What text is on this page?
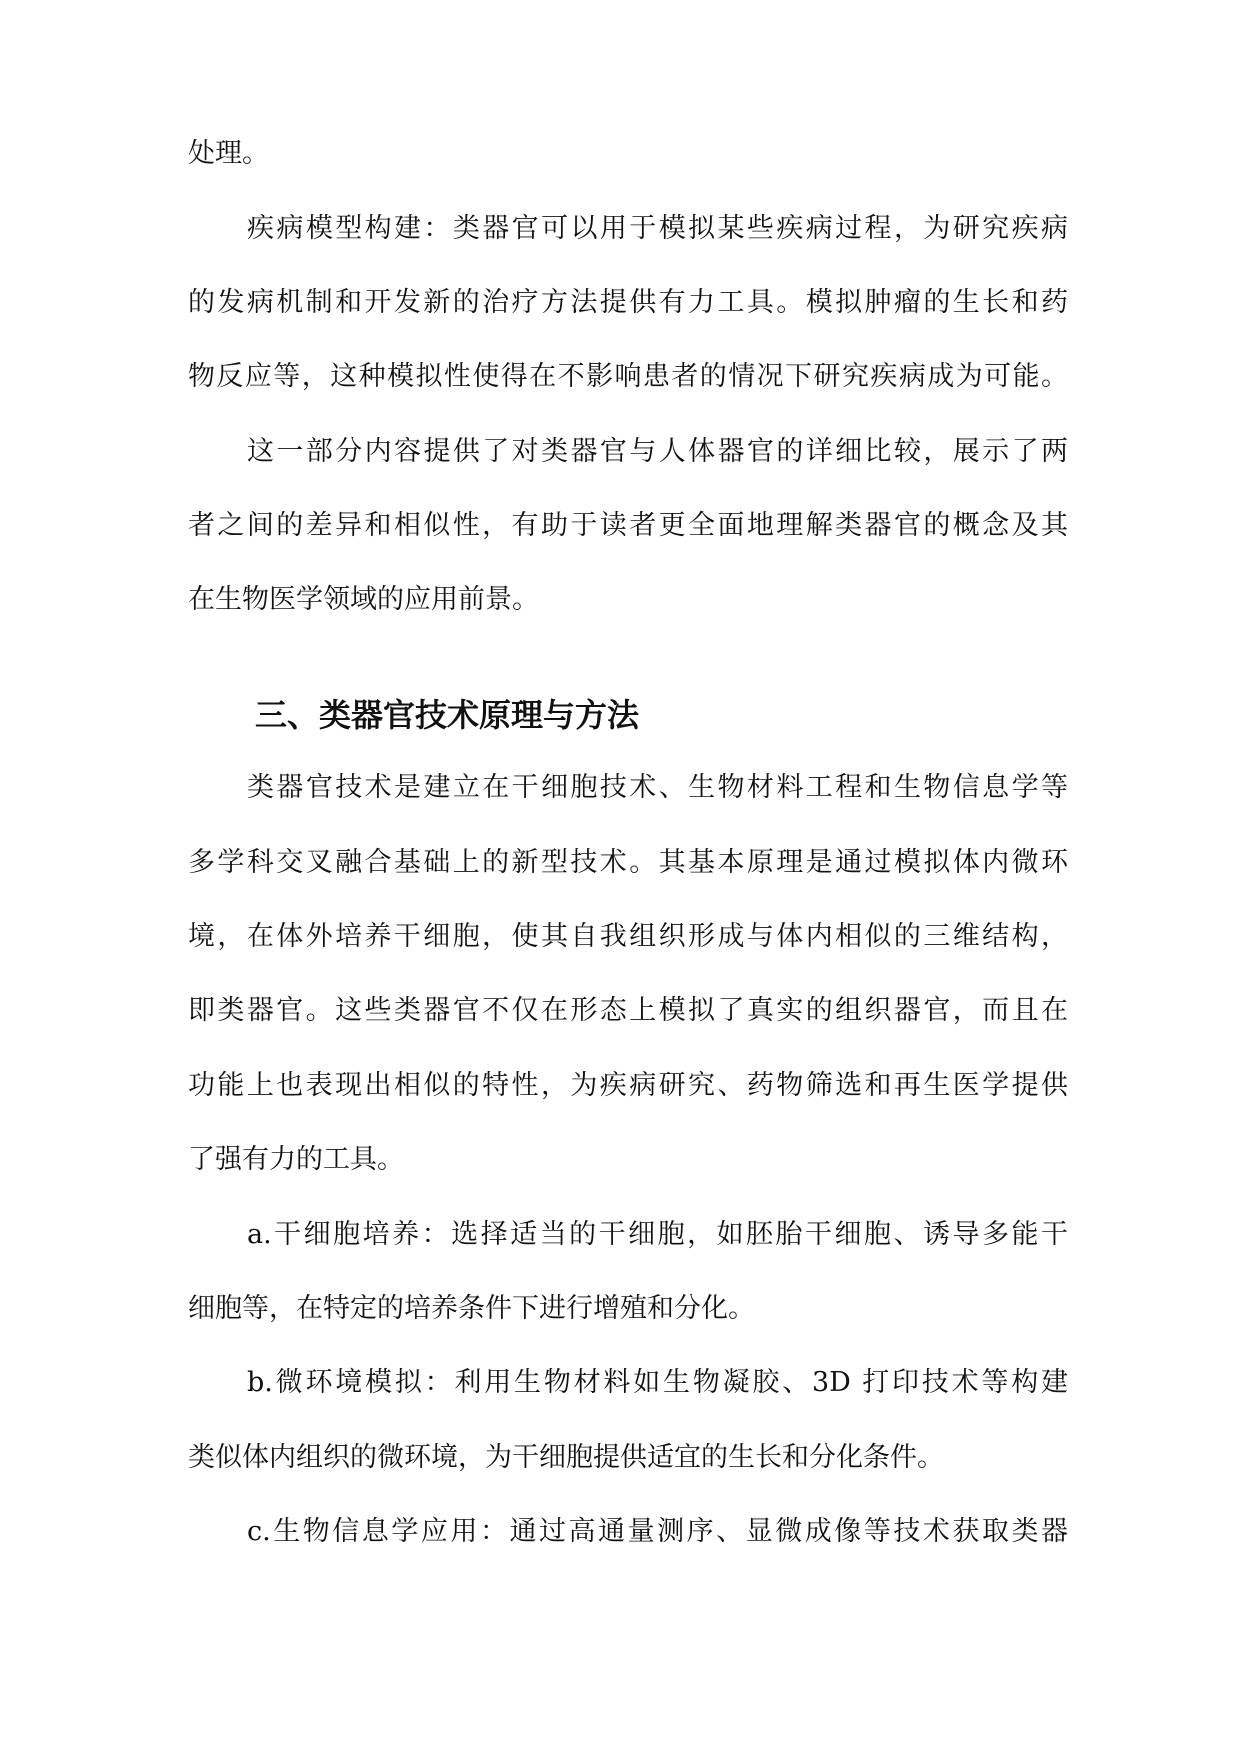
处理。
疾病模型构建：类器官可以用于模拟某些疾病过程，为研究疾病
的发病机制和开发新的治疗方法提供有力工具。模拟肿瘤的生长和药
物反应等，这种模拟性使得在不影响患者的情况下研究疾病成为可能。
这一部分内容提供了对类器官与人体器官的详细比较，展示了两
者之间的差异和相似性，有助于读者更全面地理解类器官的概念及其
在生物医学领域的应用前景。
三、类器官技术原理与方法
类器官技术是建立在干细胞技术、生物材料工程和生物信息学等
多学科交叉融合基础上的新型技术。其基本原理是通过模拟体内微环
境，在体外培养干细胞，使其自我组织形成与体内相似的三维结构，
即类器官。这些类器官不仅在形态上模拟了真实的组织器官，而且在
功能上也表现出相似的特性，为疾病研究、药物筛选和再生医学提供
了强有力的工具。
a.干细胞培养：选择适当的干细胞，如胚胎干细胞、诱导多能干
细胞等，在特定的培养条件下进行增殖和分化。
b.微环境模拟：利用生物材料如生物凝胶、3D 打印技术等构建
类似体内组织的微环境，为干细胞提供适宜的生长和分化条件。
c.生物信息学应用：通过高通量测序、显微成像等技术获取类器
